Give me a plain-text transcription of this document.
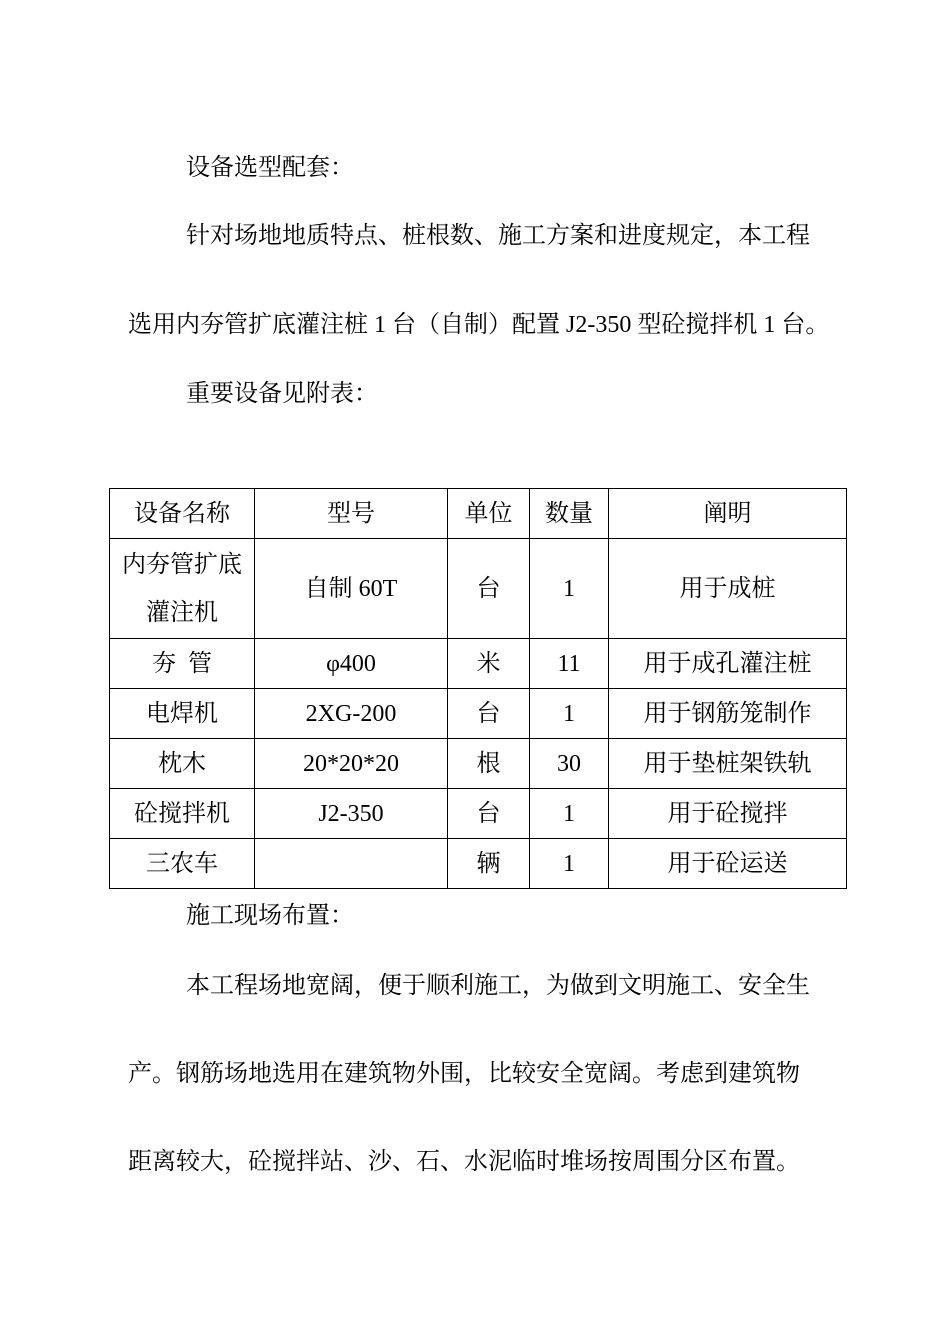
设备选型配套：
针对场地地质特点、桩根数、施工方案和进度规定，本工程
选用内夯管扩底灌注桩 1 台（自制）配置 J2-350 型砼搅拌机 1 台。
重要设备见附表：
设备名称	型号	单位	数量	阐明

内夯管扩底
灌注机	自制 60T	台	1	用于成桩
夯  管	φ400	米	11	用于成孔灌注桩
电焊机	2XG-200	台	1	用于钢筋笼制作
枕木	20*20*20	根	30	用于垫桩架铁轨
砼搅拌机	J2-350	台	1	用于砼搅拌
三农车		辆	1	用于砼运送
施工现场布置：
本工程场地宽阔，便于顺利施工，为做到文明施工、安全生
产。钢筋场地选用在建筑物外围，比较安全宽阔。考虑到建筑物
距离较大，砼搅拌站、沙、石、水泥临时堆场按周围分区布置。
